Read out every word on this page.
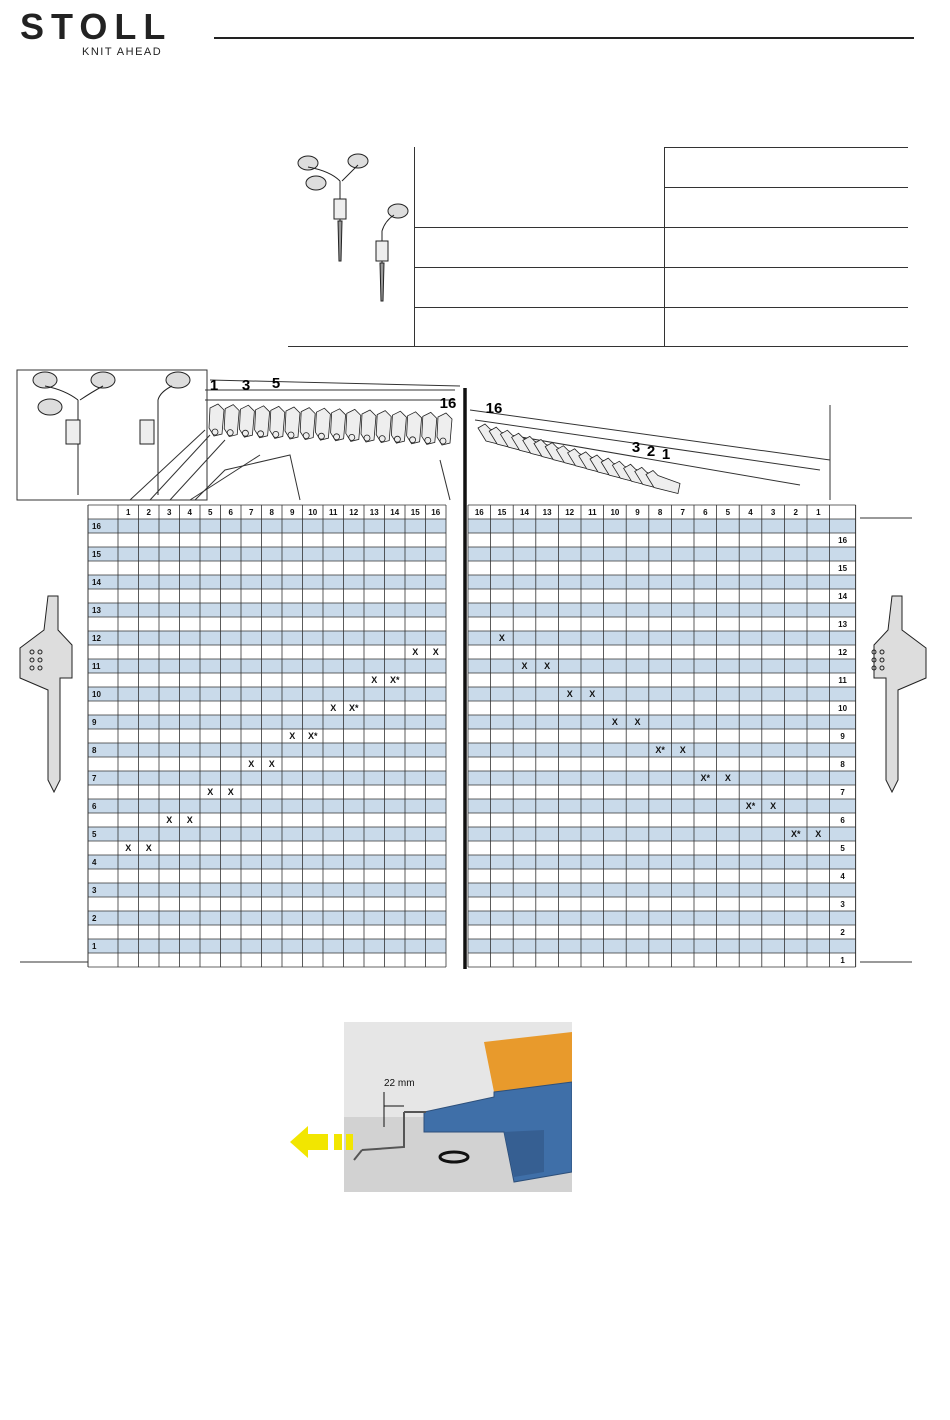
STOLL
KNIT AHEAD
1 3 5
16 16
3 2 1
1 2 3 4 5 6 7 8 9 10 11 12 13 14 15 16	16 15 14 13 12 11 10 9 8 7 6 5 4 3 2 1
16
15
14
13
12
11
10
9
8
7
6
5
4
3
2
1
16
15
14
13
12
11
10
9
8
7
6
5
4
3
2
1
X X
X X
X X
X X
X X*
X X*
X X*
X X
X
X X
X X
X X
X* X
X* X
X* X
X* X
22 mm
